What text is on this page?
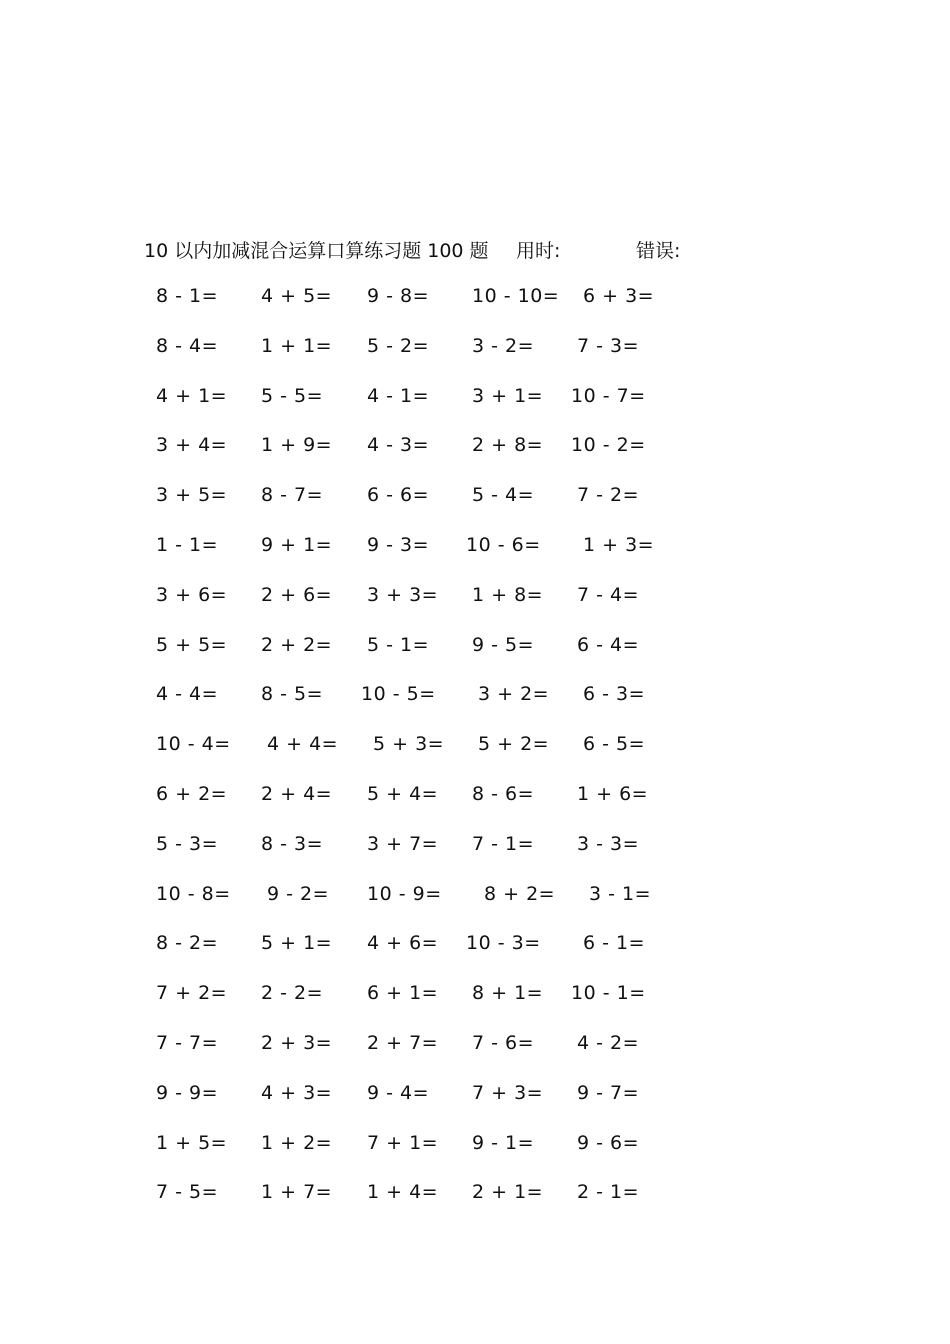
10 以内加减混合运算口算练习题 100 题 用时:	错误:
8 - 1= 4 + 5= 9 - 8= 10 - 10= 6 + 3=
8 - 4= 1 + 1= 5 - 2= 3 - 2= 7 - 3=
4 + 1= 5 - 5= 4 - 1= 3 + 1= 10 - 7=
3 + 4= 1 + 9= 4 - 3= 2 + 8= 10 - 2=
3 + 5= 8 - 7= 6 - 6= 5 - 4= 7 - 2=
1 - 1= 9 + 1= 9 - 3= 10 - 6= 1 + 3=
3 + 6= 2 + 6= 3 + 3= 1 + 8= 7 - 4=
5 + 5= 2 + 2= 5 - 1= 9 - 5= 6 - 4=
4 - 4= 8 - 5= 10 - 5= 3 + 2= 6 - 3=
10 - 4= 4 + 4= 5 + 3= 5 + 2= 6 - 5=
6 + 2= 2 + 4= 5 + 4= 8 - 6= 1 + 6=
5 - 3= 8 - 3= 3 + 7= 7 - 1= 3 - 3=
10 - 8= 9 - 2= 10 - 9= 8 + 2= 3 - 1=
8 - 2= 5 + 1= 4 + 6= 10 - 3= 6 - 1=
7 + 2= 2 - 2= 6 + 1= 8 + 1= 10 - 1=
7 - 7= 2 + 3= 2 + 7= 7 - 6= 4 - 2=
9 - 9= 4 + 3= 9 - 4= 7 + 3= 9 - 7=
1 + 5= 1 + 2= 7 + 1= 9 - 1= 9 - 6=
7 - 5= 1 + 7= 1 + 4= 2 + 1= 2 - 1=
